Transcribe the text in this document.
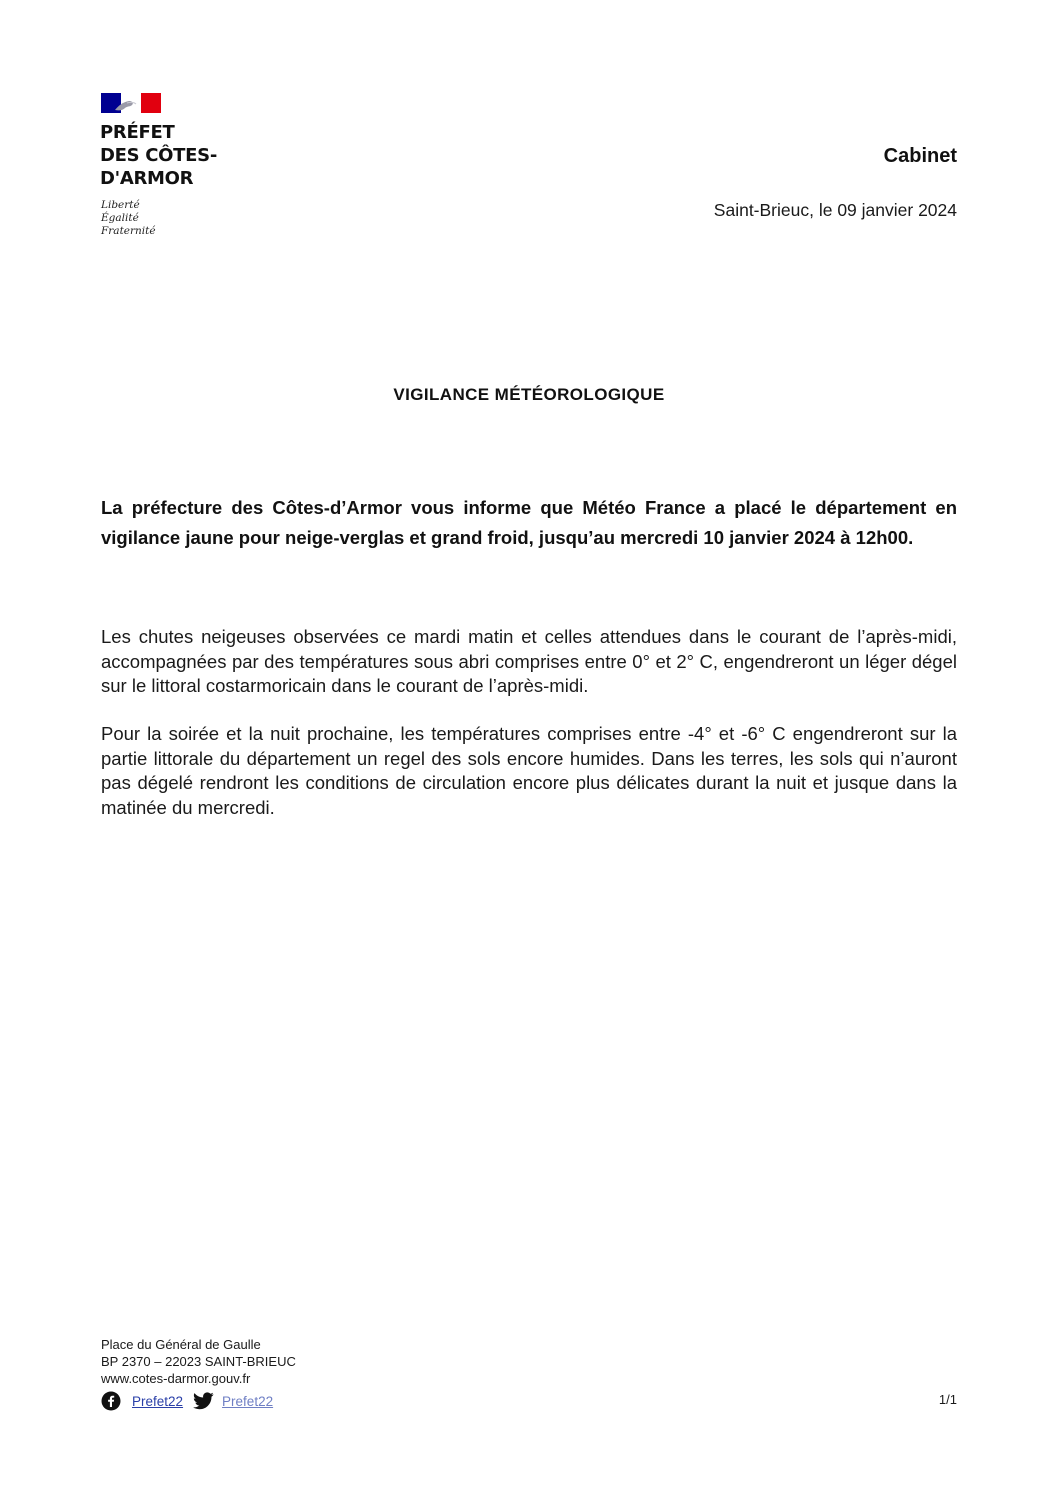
PRÉFET
DES CÔTES-
D'ARMOR
Liberté
Égalité
Fraternité
Cabinet
Saint-Brieuc, le 09 janvier 2024
VIGILANCE MÉTÉOROLOGIQUE
La préfecture des Côtes-d’Armor vous informe que Météo France a placé le département en vigilance jaune pour neige-verglas et grand froid, jusqu’au mercredi 10 janvier 2024 à 12h00.
Les chutes neigeuses observées ce mardi matin et celles attendues dans le courant de l’après-midi, accompagnées par des températures sous abri comprises entre 0° et 2° C, engendreront un léger dégel sur le littoral costarmoricain dans le courant de l’après-midi.
Pour la soirée et la nuit prochaine, les températures comprises entre -4° et -6° C engendreront sur la partie littorale du département un regel des sols encore humides. Dans les terres, les sols qui n’auront pas dégelé rendront les conditions de circulation encore plus délicates durant la nuit et jusque dans la matinée du mercredi.
Place du Général de Gaulle
BP 2370 – 22023 SAINT-BRIEUC
www.cotes-darmor.gouv.fr
Prefet22	Prefet22	1/1
